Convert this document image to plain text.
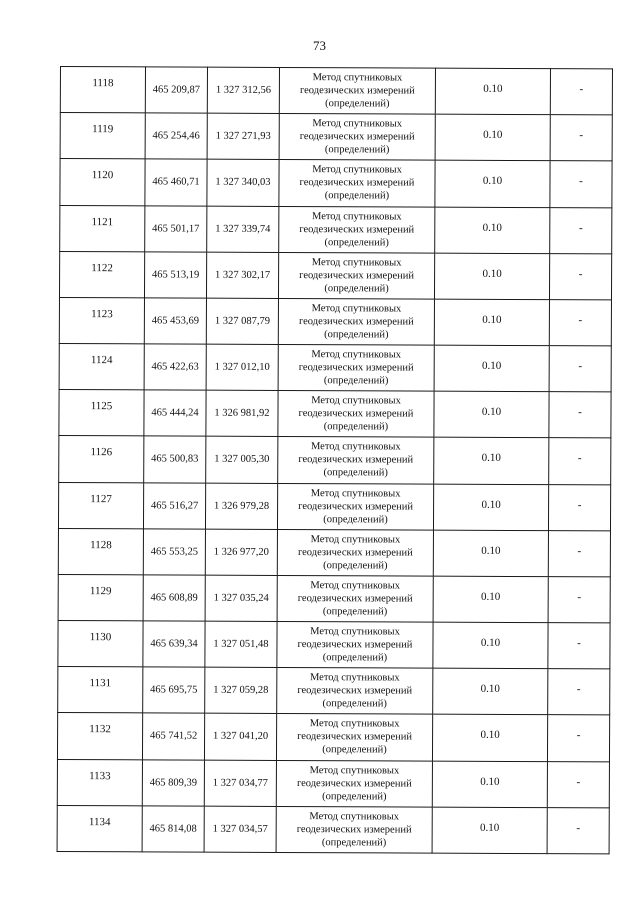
73
1118	465 209,87	1 327 312,56	Метод спутниковых
геодезических измерений
(определений)	0.10	-
1119	465 254,46	1 327 271,93	Метод спутниковых
геодезических измерений
(определений)	0.10	-
1120	465 460,71	1 327 340,03	Метод спутниковых
геодезических измерений
(определений)	0.10	-
1121	465 501,17	1 327 339,74	Метод спутниковых
геодезических измерений
(определений)	0.10	-
1122	465 513,19	1 327 302,17	Метод спутниковых
геодезических измерений
(определений)	0.10	-
1123	465 453,69	1 327 087,79	Метод спутниковых
геодезических измерений
(определений)	0.10	-
1124	465 422,63	1 327 012,10	Метод спутниковых
геодезических измерений
(определений)	0.10	-
1125	465 444,24	1 326 981,92	Метод спутниковых
геодезических измерений
(определений)	0.10	-
1126	465 500,83	1 327 005,30	Метод спутниковых
геодезических измерений
(определений)	0.10	-
1127	465 516,27	1 326 979,28	Метод спутниковых
геодезических измерений
(определений)	0.10	-
1128	465 553,25	1 326 977,20	Метод спутниковых
геодезических измерений
(определений)	0.10	-
1129	465 608,89	1 327 035,24	Метод спутниковых
геодезических измерений
(определений)	0.10	-
1130	465 639,34	1 327 051,48	Метод спутниковых
геодезических измерений
(определений)	0.10	-
1131	465 695,75	1 327 059,28	Метод спутниковых
геодезических измерений
(определений)	0.10	-
1132	465 741,52	1 327 041,20	Метод спутниковых
геодезических измерений
(определений)	0.10	-
1133	465 809,39	1 327 034,77	Метод спутниковых
геодезических измерений
(определений)	0.10	-
1134	465 814,08	1 327 034,57	Метод спутниковых
геодезических измерений
(определений)	0.10	-
